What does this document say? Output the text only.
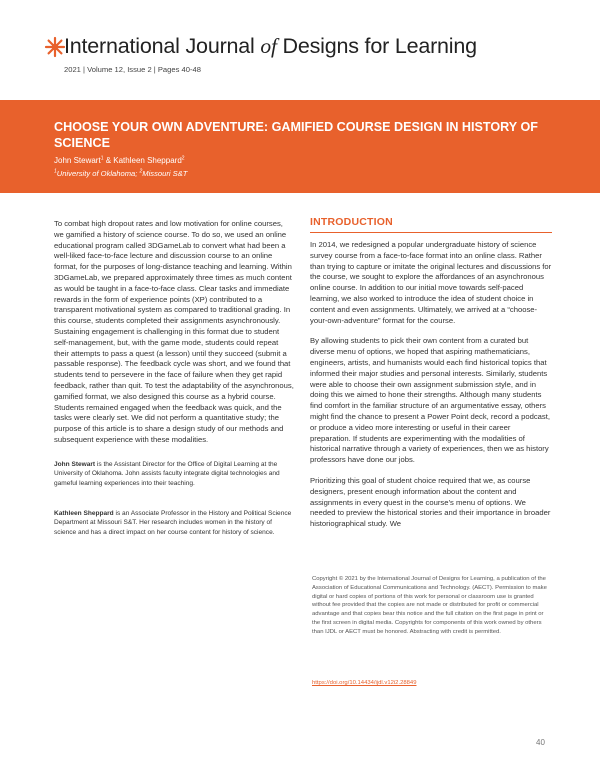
International Journal of Designs for Learning
2021 | Volume 12, Issue 2 | Pages 40-48
CHOOSE YOUR OWN ADVENTURE: GAMIFIED COURSE DESIGN IN HISTORY OF SCIENCE
John Stewart$^1$ & Kathleen Sheppard$^2$
$^1$University of Oklahoma; $^2$Missouri S&T

To combat high dropout rates and low motivation for online courses, we gamified a history of science course. To do so, we used an online educational program called 3DGameLab to convert what had been a well-liked face-to-face lecture and discussion course to an online format, for the purposes of long-distance teaching and learning. Within 3DGameLab, we prepared approximately three times as much content as would be taught in a face-to-face class. Clear tasks and immediate rewards in the form of experience points (XP) contributed to a transparent motivational system as compared to traditional grading. In this course, students completed their assignments asynchronously. Sustaining engagement is challenging in this format due to student self-management, but, with the game mode, students could repeat their attempts to pass a quest (a lesson) until they succeed (submit a passable response). The feedback cycle was short, and we found that students tend to persevere in the face of failure when they get rapid feedback, rather than quit. To test the adaptability of the asynchronous, gamified format, we also designed this course as a hybrid course. Students remained engaged when the feedback was quick, and the tasks were clearly set. We did not perform a quantitative study; the purpose of this article is to share a design study of our methods and subsequent experience with these modalities.

John Stewart is the Assistant Director for the Office of Digital Learning at the University of Oklahoma. John assists faculty integrate digital technologies and gameful learning experiences into their teaching.

Kathleen Sheppard is an Associate Professor in the History and Political Science Department at Missouri S&T. Her research includes women in the history of science and has a direct impact on her course content for history of science.

INTRODUCTION

In 2014, we redesigned a popular undergraduate history of science survey course from a face-to-face format into an online class. Rather than trying to capture or imitate the original lectures and discussions for the course, we sought to explore the affordances of an asynchronous online course. In addition to our initial move towards self-paced learning, we also worked to introduce the idea of student choice in content and even assignments. Ultimately, we arrived at a “choose-your-own-adventure” format for the course.

By allowing students to pick their own content from a curated but diverse menu of options, we hoped that aspiring mathematicians, engineers, artists, and humanists would each find historical topics that informed their major studies and personal interests. Similarly, students were able to choose their own assignment submission style, and in doing this we aimed to hone their strengths. Although many students find comfort in the familiar structure of an argumentative essay, others might find the chance to present a Power Point deck, record a podcast, or produce a video more interesting or useful in their career preparation. If students are experimenting with the modalities of historical narrative through a variety of experiences, then we as history professors have done our jobs.

Prioritizing this goal of student choice required that we, as course designers, present enough information about the content and assignments in every quest in the course’s menu of options. We needed to preview the historical stories and their importance in broader historiographical study. We

Copyright © 2021 by the International Journal of Designs for Learning, a publication of the Association of Educational Communications and Technology. (AECT). Permission to make digital or hard copies of portions of this work for personal or classroom use is granted without fee provided that the copies are not made or distributed for profit or commercial advantage and that copies bear this notice and the full citation on the first page in print or the first screen in digital media. Copyrights for components of this work owned by others than IJDL or AECT must be honored. Abstracting with credit is permitted.

https://doi.org/10.14434/ijdl.v12i2.28849
40
